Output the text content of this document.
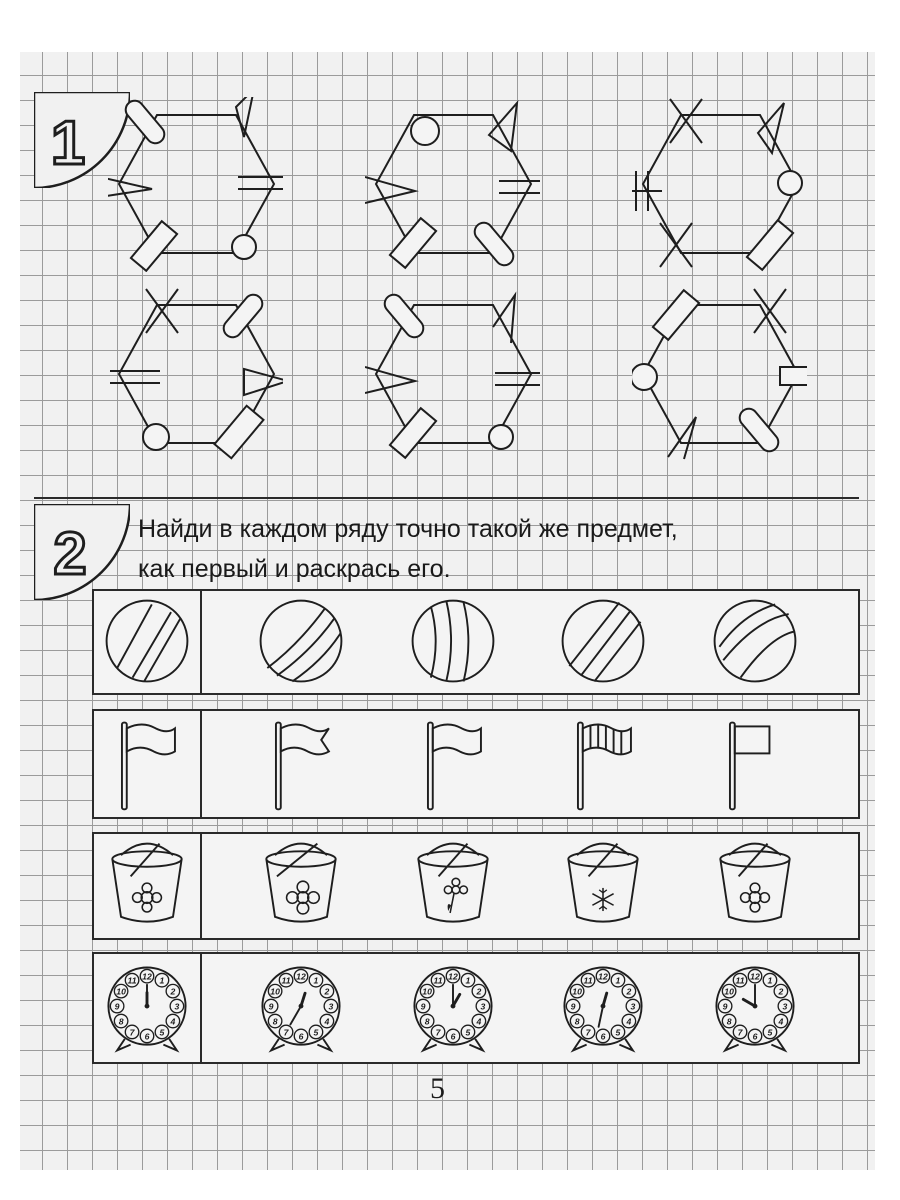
1
2 Найди в каждом ряду точно такой же предмет,
как первый и раскрась его.
12 1
2
3
4
5
6
7
8
9
10
11	12 1
2
3
4
5
6
7
8
9
10
11	12 1
2
3
4
5
6
7
8
9
10
11	12 1
2
3
4
5
6
7
8
9
10
11	12 1
2
3
4
5
6
7
8
9
10
11
5
